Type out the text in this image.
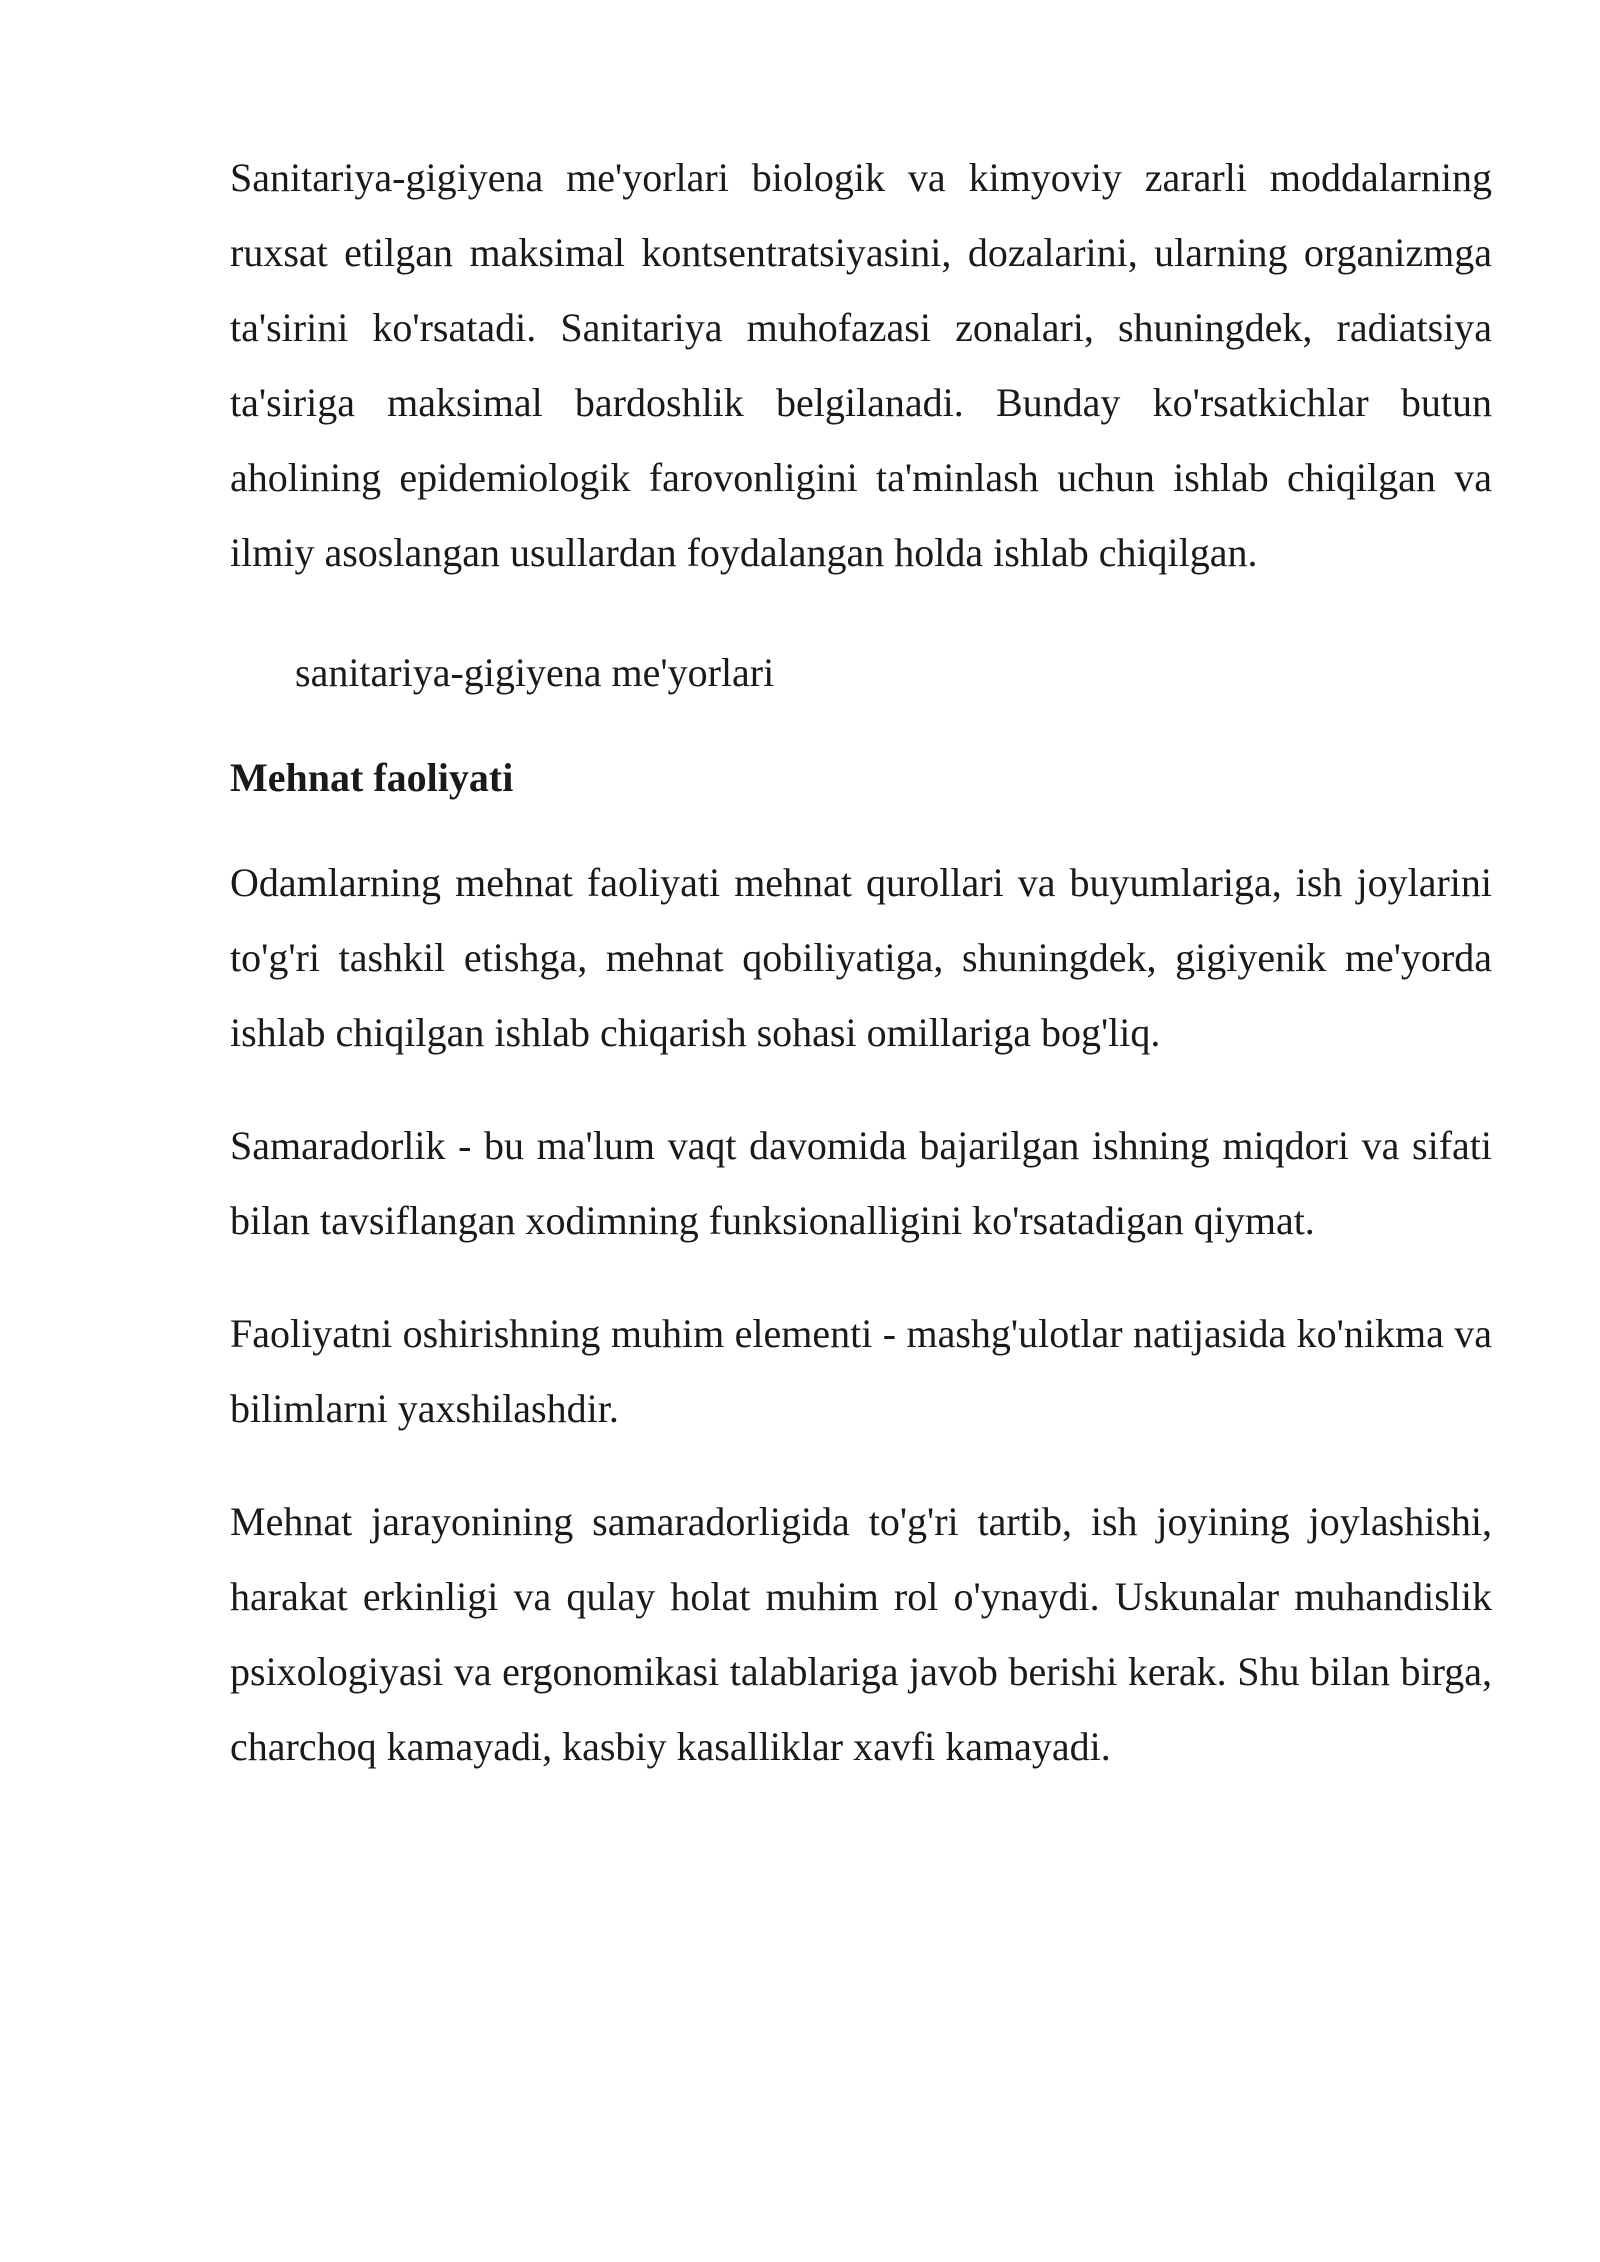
Sanitariya-gigiyena me'yorlari biologik va kimyoviy zararli moddalarning ruxsat etilgan maksimal kontsentratsiyasini, dozalarini, ularning organizmga ta'sirini ko'rsatadi. Sanitariya muhofazasi zonalari, shuningdek, radiatsiya ta'siriga maksimal bardoshlik belgilanadi. Bunday ko'rsatkichlar butun aholining epidemiologik farovonligini ta'minlash uchun ishlab chiqilgan va ilmiy asoslangan usullardan foydalangan holda ishlab chiqilgan.

sanitariya-gigiyena me'yorlari

Mehnat faoliyati

Odamlarning mehnat faoliyati mehnat qurollari va buyumlariga, ish joylarini to'g'ri tashkil etishga, mehnat qobiliyatiga, shuningdek, gigiyenik me'yorda ishlab chiqilgan ishlab chiqarish sohasi omillariga bog'liq.

Samaradorlik - bu ma'lum vaqt davomida bajarilgan ishning miqdori va sifati bilan tavsiflangan xodimning funksionalligini ko'rsatadigan qiymat.

Faoliyatni oshirishning muhim elementi - mashg'ulotlar natijasida ko'nikma va bilimlarni yaxshilashdir.

Mehnat jarayonining samaradorligida to'g'ri tartib, ish joyining joylashishi, harakat erkinligi va qulay holat muhim rol o'ynaydi. Uskunalar muhandislik psixologiyasi va ergonomikasi talablariga javob berishi kerak. Shu bilan birga, charchoq kamayadi, kasbiy kasalliklar xavfi kamayadi.
